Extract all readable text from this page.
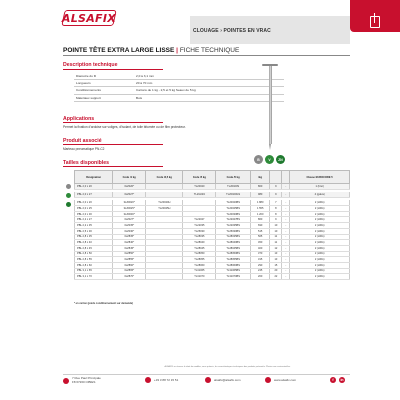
ALSAFIX
CLOUAGE › POINTES EN VRAC
POINTE TÊTE EXTRA LARGE LISSE | FICHE TECHNIQUE
Description technique
Diamètre du fil	2,0 à 3,1 mm
Longueurs	20 à 70 mm
Conditionnements	Cartons de 1 kg - 2,5 et 5 kg Seaux de 5 kg
Matériaux support	Bois
Applications
Permet la fixation d'ardoise sur voliges, d'isolant, de toile bitumée ou de film protecteur.
Produit associé
Marteau pneumatique PN-C2
B	V	ZN
Tailles disponibles
Désignation	Code /1 kg	Code /2,5 kg	Code /5 kg	Code /5 kg	/kg			Classe EUROCODE 5
PBL 2,0 x 20	3LZ020*		TL20020	TL20020S	800	9	-	1 (brut)

PBL 2,0 x 27	3LZ027*		TL2G0Z4	TL20020GS	980	9	-	4 (galva)

PBL 2,0 x 20	3LZ0020*	TL20020H		TL20020BS	1 880	7	-	2 (HDG)
PBL 2,0 x 25	3LZ0025*	TL20025H		TL20025BS	1 555	8	-	2 (HDG)
PBL 2,0 x 30	3LZ0030*			TL20030BS	1 200	8	-	2 (HDG)
PBL 2,2 x 27	3LZ027*		TL22027	TL22027BS	860	9	-	2 (HDG)
PBL 2,2 x 35	3LZ035*		TL22035	TL22035BS	690	10	-	2 (HDG)
PBL 2,5 x 30	3LZ030*		TL25030	TL25030BS	515	10	-	2 (HDG)
PBL 2,8 x 35	3LZ835*		TL28035	TL28035BS	565	11	-	2 (HDG)
PBL 2,8 x 40	3LZ840*		TL28040	TL28040BS	450	11	-	2 (HDG)
PBL 2,8 x 45	3LZ845*		TL28045	TL28045BS	400	12	-	2 (HDG)
PBL 2,8 x 50	3LZ850*		TL28050	TL28050BS	370	13	-	2 (HDG)
PBL 2,8 x 55	3LZ855*		TL28055	TL28055BS	315	13	-	2 (HDG)
PBL 2,8 x 60	3LZ860*		TL28060	TL28060BS	290	15	-	2 (HDG)
PBL 3,1 x 65	3LZ865*		TL31065	TL31065BS	245	20	-	2 (HDG)
PBL 3,1 x 70	3LZ870*		TL31070	TL31070BS	200	22	-	2 (HDG)
* en carton (poids conditionnement sur demande)
ALSAFIX se réserve le droit de modifier, sans préavis, les caractéristiques techniques des produits présentés. Photos non contractuelles.
7 Rue Paul Principale
F8 67260 CIBIES	+33 3 88 72 15 51	alsafix@alsafix.com	www.alsafix.com	f	in
